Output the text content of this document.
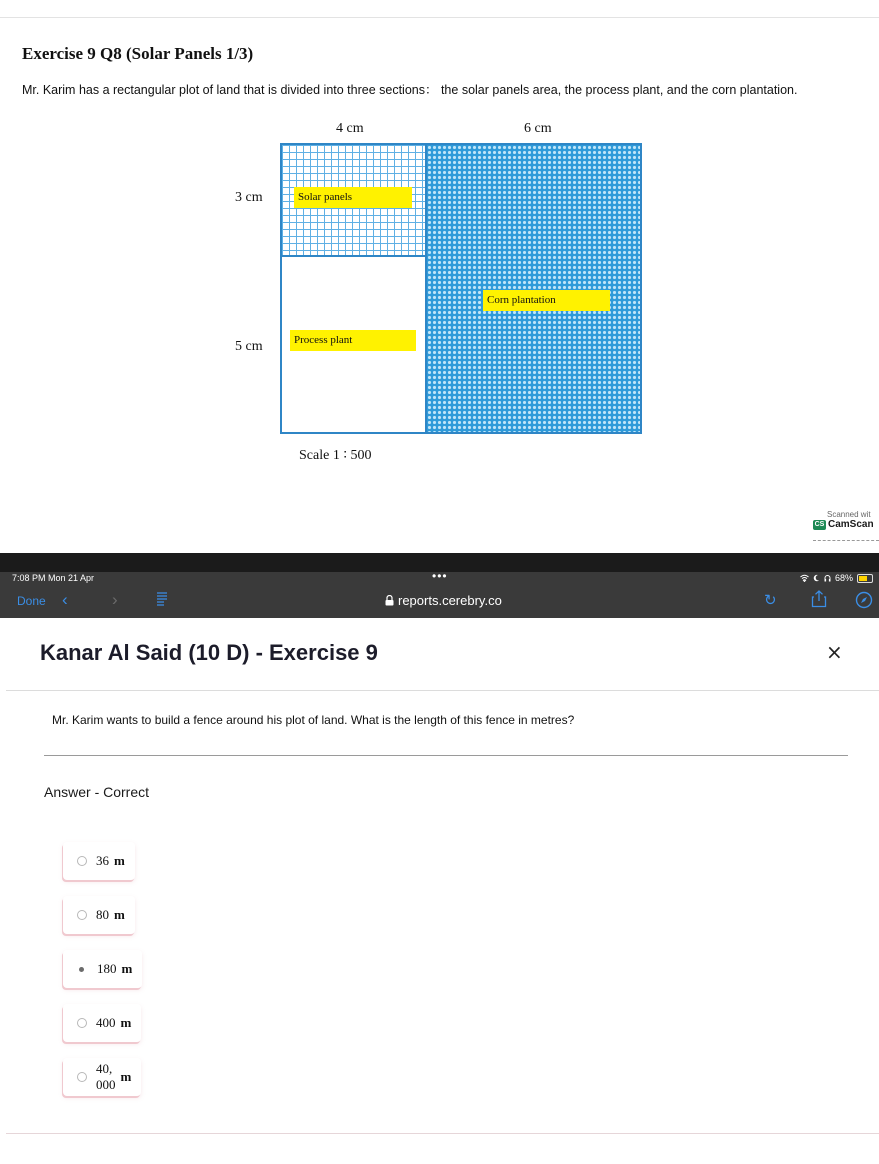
Exercise 9 Q8 (Solar Panels 1/3)
Mr. Karim has a rectangular plot of land that is divided into three sections： the solar panels area, the process plant, and the corn plantation.
4 cm	6 cm
3 cm
5 cm
Solar panels
Process plant
Corn plantation
Scale 1 ∶ 500
Scanned wit
CS CamScan
7:08 PM Mon 21 Apr	•••	68%
Done ‹	›	reports.cerebry.co	↻
Kanar Al Said (10 D) - Exercise 9	×
Mr. Karim wants to build a fence around his plot of land. What is the length of this fence in metres?
Answer - Correct
36 m
80 m
180 m
400 m
40, 000
m
